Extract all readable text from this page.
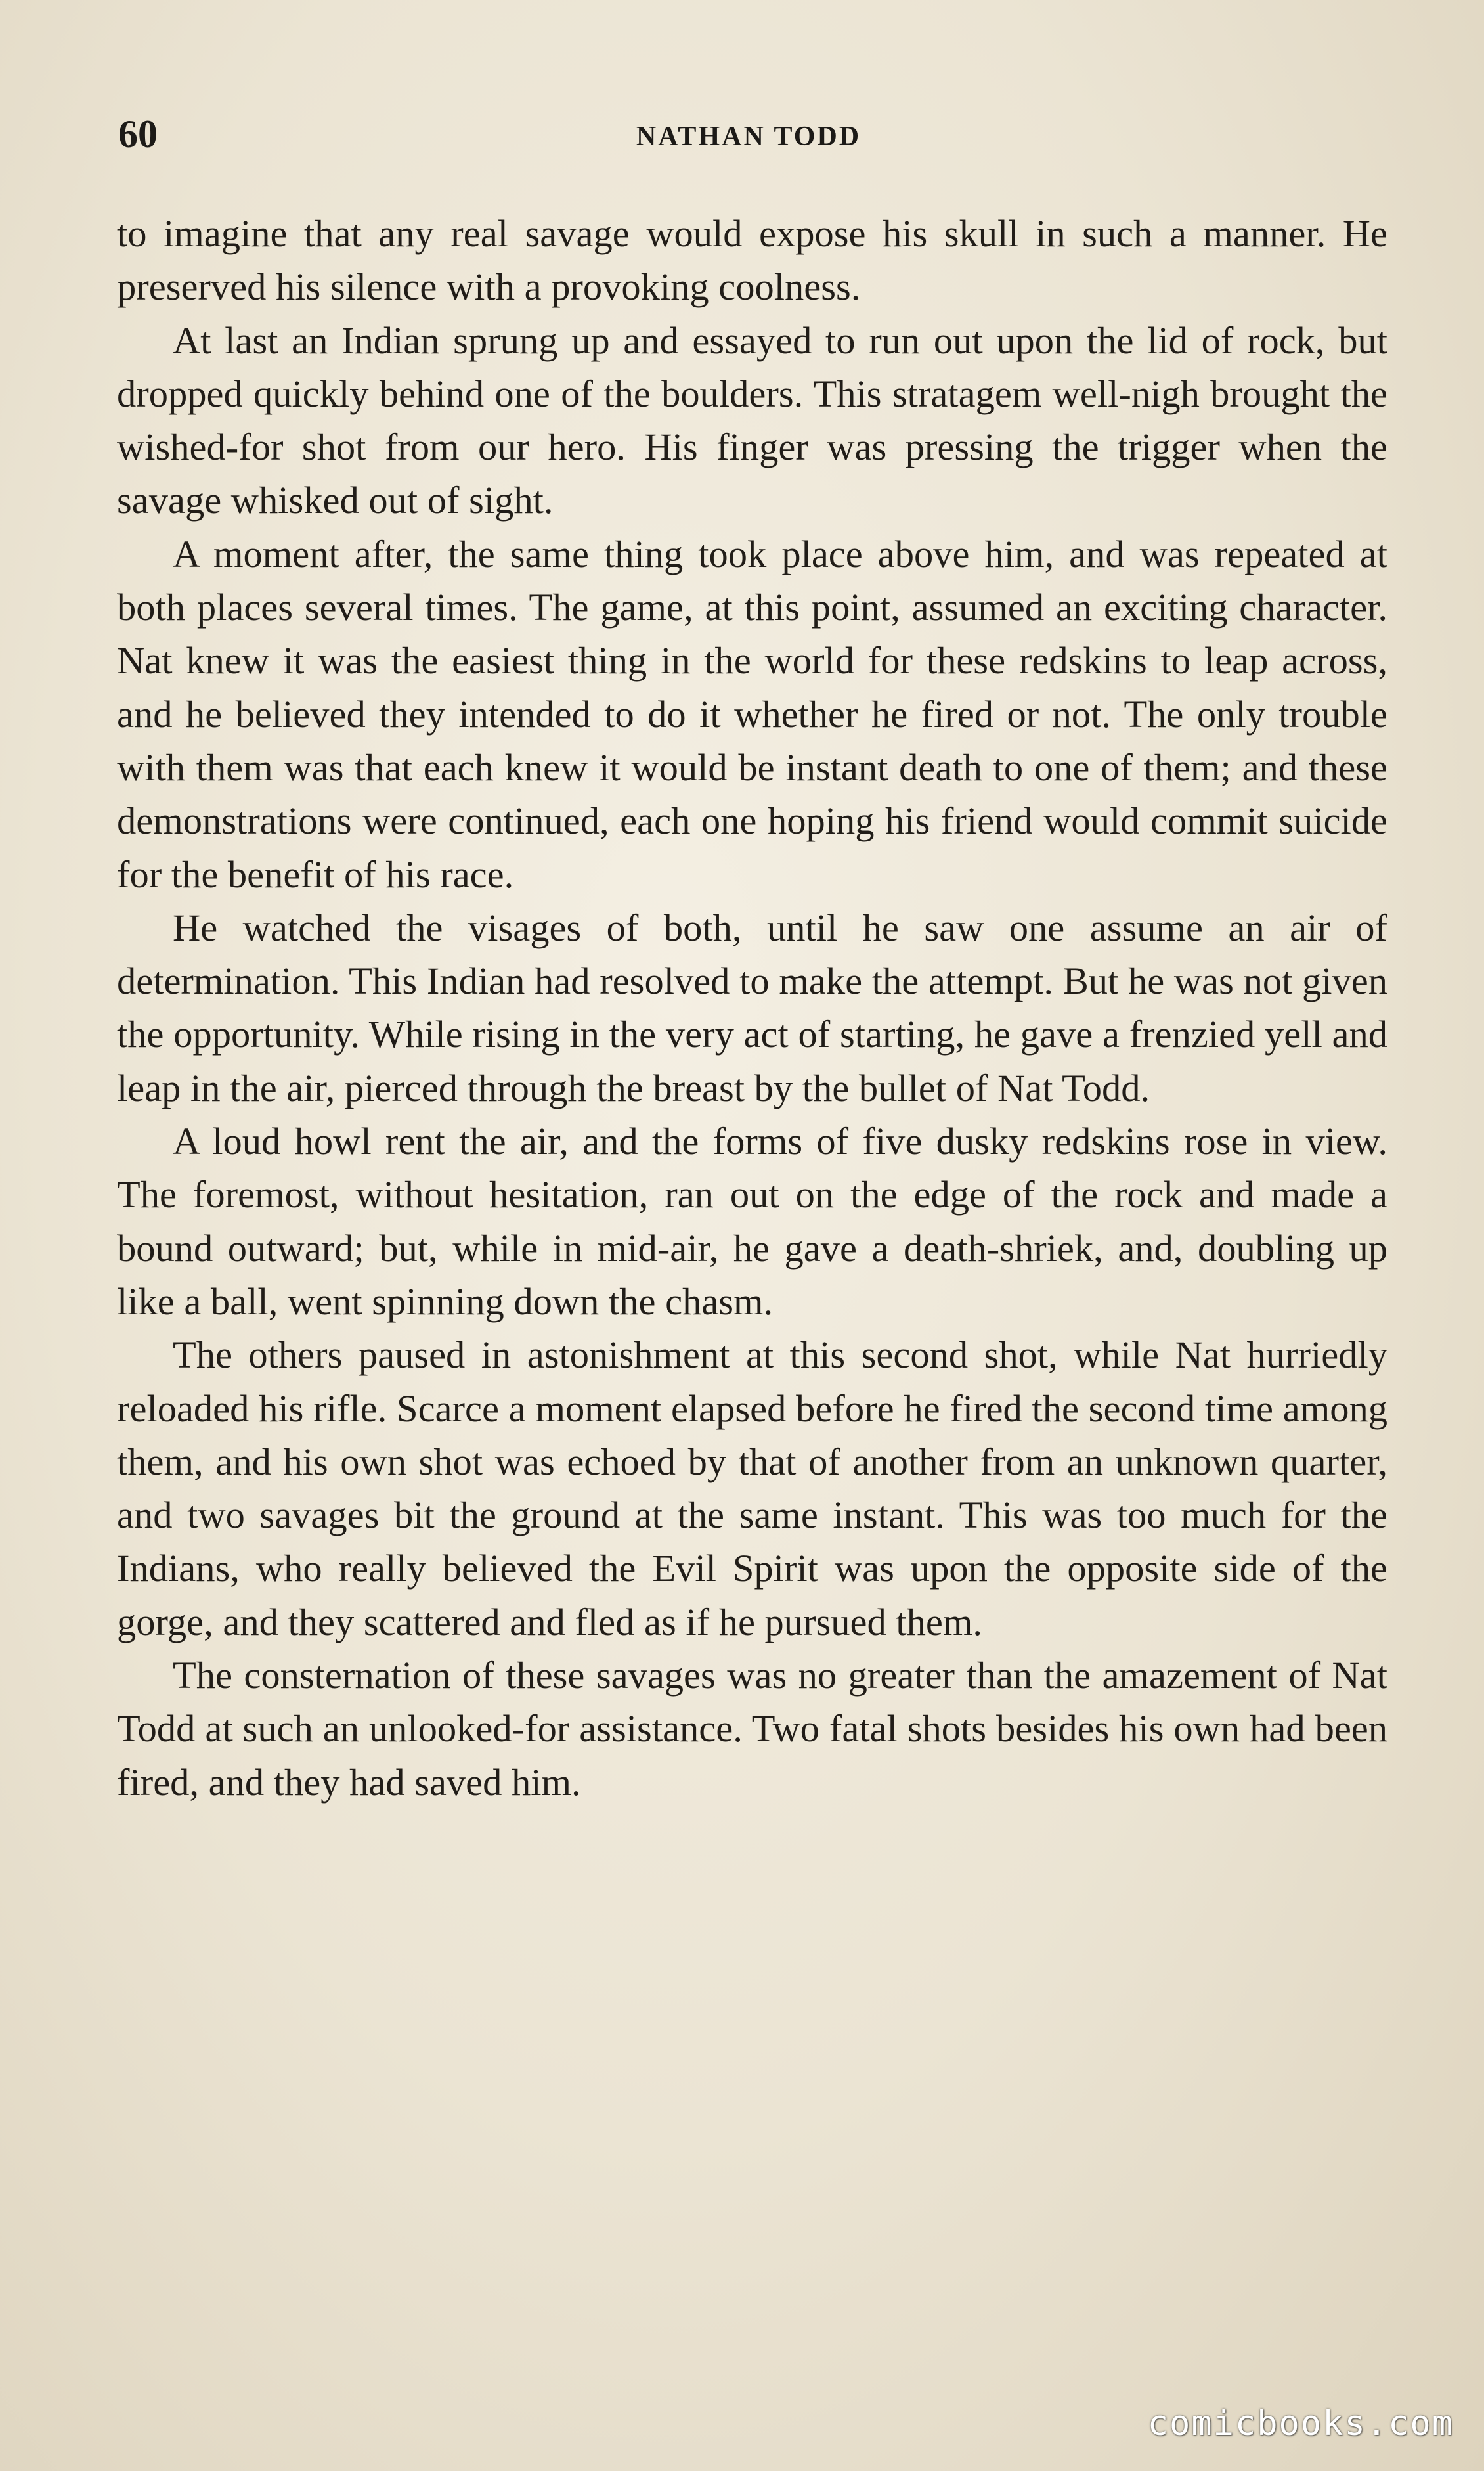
60	NATHAN TODD

to imagine that any real savage would expose his skull in such a manner. He preserved his silence with a provoking coolness.

At last an Indian sprung up and essayed to run out upon the lid of rock, but dropped quickly behind one of the boulders. This stratagem well-nigh brought the wished-for shot from our hero. His finger was pressing the trigger when the savage whisked out of sight.

A moment after, the same thing took place above him, and was repeated at both places several times. The game, at this point, assumed an exciting character. Nat knew it was the easiest thing in the world for these redskins to leap across, and he believed they intended to do it whether he fired or not. The only trouble with them was that each knew it would be instant death to one of them; and these demonstrations were continued, each one hoping his friend would commit suicide for the benefit of his race.

He watched the visages of both, until he saw one assume an air of determination. This Indian had resolved to make the attempt. But he was not given the opportunity. While rising in the very act of starting, he gave a frenzied yell and leap in the air, pierced through the breast by the bullet of Nat Todd.

A loud howl rent the air, and the forms of five dusky redskins rose in view. The foremost, without hesitation, ran out on the edge of the rock and made a bound outward; but, while in mid-air, he gave a death-shriek, and, doubling up like a ball, went spinning down the chasm.

The others paused in astonishment at this second shot, while Nat hurriedly reloaded his rifle. Scarce a moment elapsed before he fired the second time among them, and his own shot was echoed by that of another from an unknown quarter, and two savages bit the ground at the same instant. This was too much for the Indians, who really believed the Evil Spirit was upon the opposite side of the gorge, and they scattered and fled as if he pursued them.

The consternation of these savages was no greater than the amazement of Nat Todd at such an unlooked-for assistance. Two fatal shots besides his own had been fired, and they had saved him.

comicbooks.com
